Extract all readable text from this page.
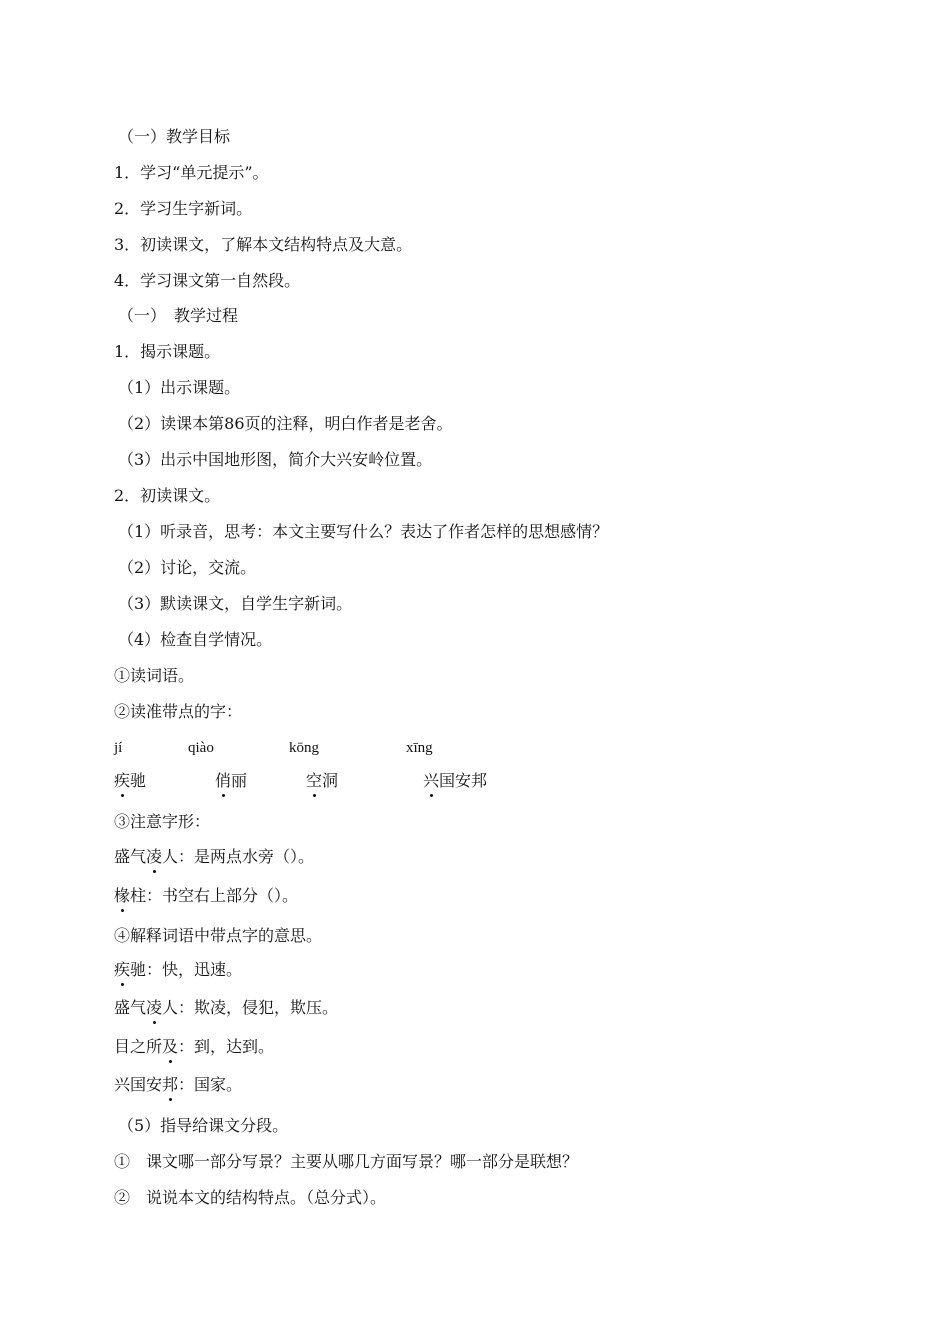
（一）教学目标
1．学习“单元提示”。
2．学习生字新词。
3．初读课文，了解本文结构特点及大意。
4．学习课文第一自然段。
（一）　教学过程
1．揭示课题。
（1）出示课题。
（2）读课本第86页的注释，明白作者是老舍。
（3）出示中国地形图，简介大兴安岭位置。
2．初读课文。
（1）听录音，思考：本文主要写什么？表达了作者怎样的思想感情？
（2）讨论，交流。
（3）默读课文，自学生字新词。
（4）检查自学情况。
①读词语。
②读准带点的字：
jí	qiào	kōng	xīng
疾驰	俏丽	空洞	兴国安邦
③注意字形：
盛气凌人：是两点水旁（）。
椽柱：书空右上部分（）。
④解释词语中带点字的意思。
疾驰：快，迅速。
盛气凌人：欺凌，侵犯，欺压。
目之所及：到，达到。
兴国安邦：国家。
（5）指导给课文分段。
①　课文哪一部分写景？主要从哪几方面写景？哪一部分是联想？
②　说说本文的结构特点。（总分式）。
